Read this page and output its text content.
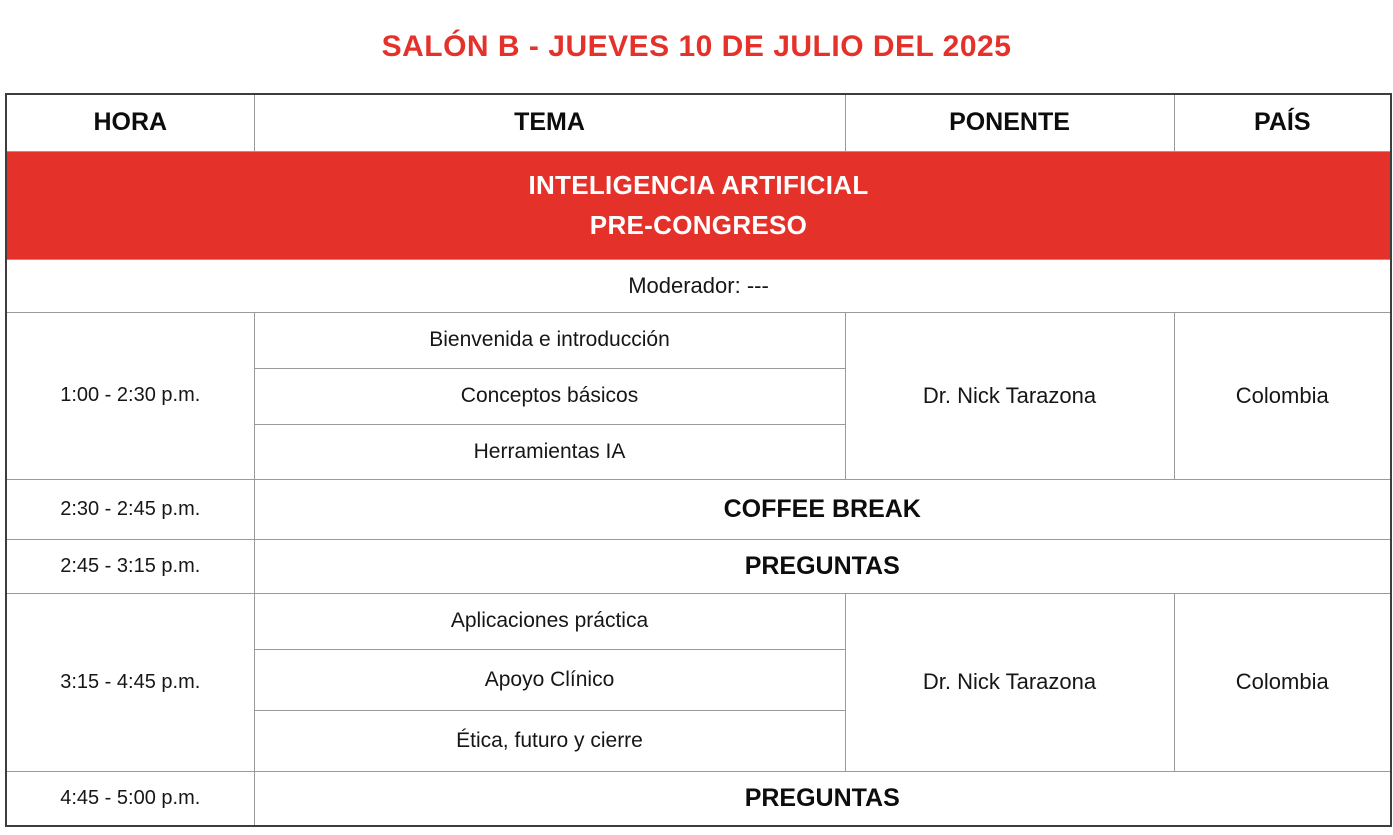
SALÓN B - JUEVES 10 DE JULIO DEL 2025
HORA	TEMA	PONENTE	PAÍS

INTELIGENCIA ARTIFICIAL
PRE-CONGRESO			

Moderador: ---			
1:00 - 2:30 p.m.	Bienvenida e introducción	Dr. Nick Tarazona	Colombia
	Conceptos básicos		
	Herramientas IA		
2:30 - 2:45 p.m.	COFFEE BREAK		
2:45 - 3:15 p.m.	PREGUNTAS		
3:15 - 4:45 p.m.	Aplicaciones práctica	Dr. Nick Tarazona	Colombia
	Apoyo Clínico		
	Ética, futuro y cierre		
4:45 - 5:00 p.m.	PREGUNTAS		
